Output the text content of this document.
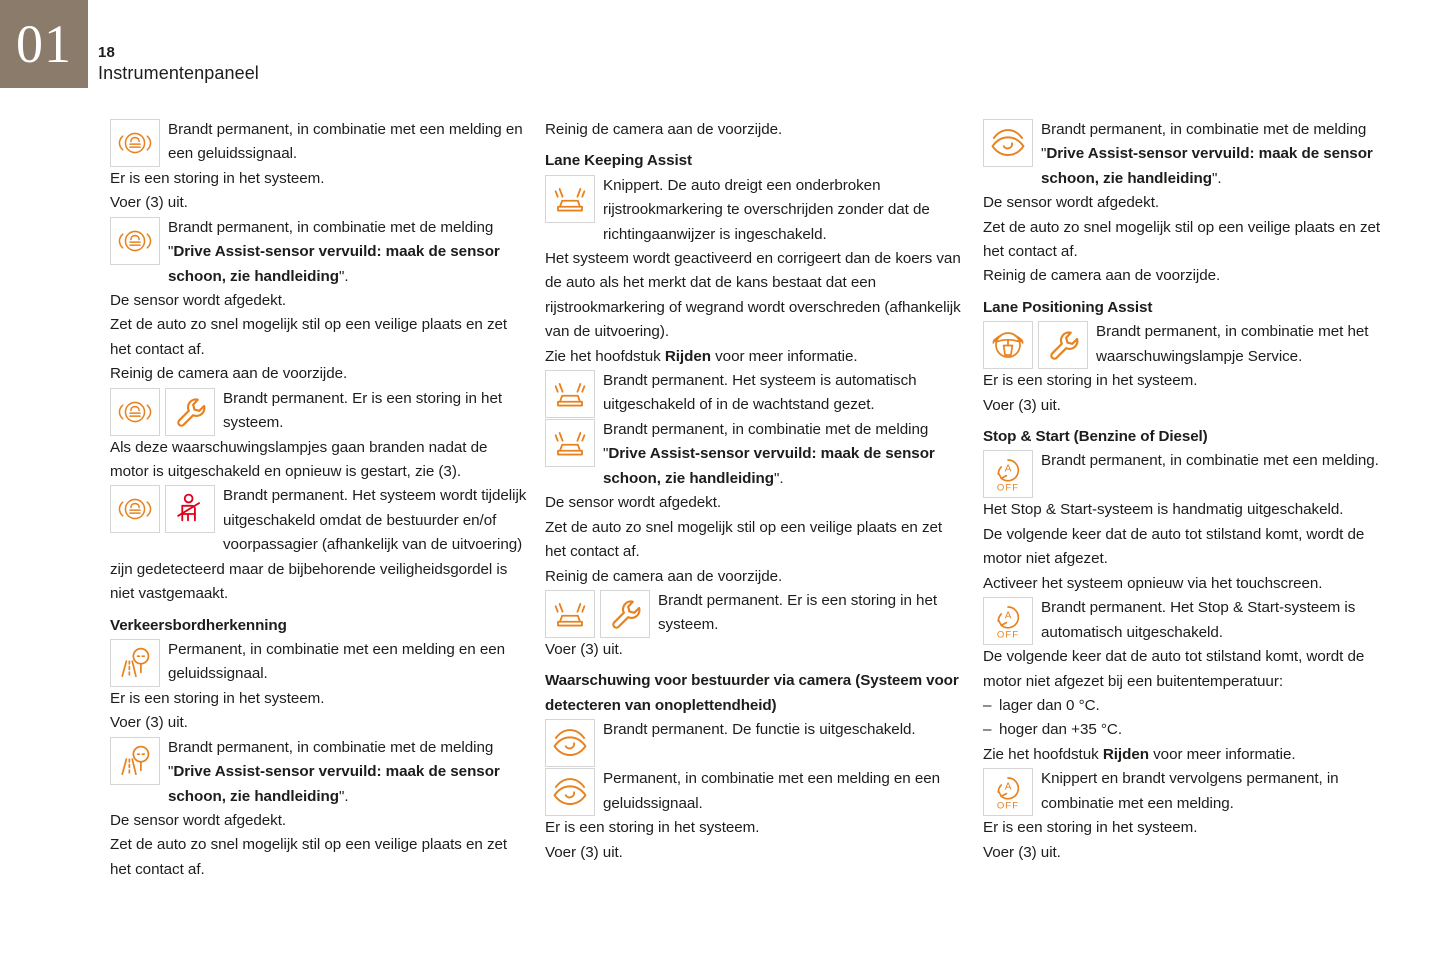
01	18
Instrumentenpaneel
Brandt permanent, in combinatie met een melding en een geluidssignaal.

Er is een storing in het systeem.

Voer (3) uit.

Brandt permanent, in combinatie met de melding "Drive Assist-sensor vervuild: maak de sensor schoon, zie handleiding".

De sensor wordt afgedekt.

Zet de auto zo snel mogelijk stil op een veilige plaats en zet het contact af.

Reinig de camera aan de voorzijde.

Brandt permanent. Er is een storing in het systeem.

Als deze waarschuwingslampjes gaan branden nadat de motor is uitgeschakeld en opnieuw is gestart, zie (3).

Brandt permanent. Het systeem wordt tijdelijk uitgeschakeld omdat de bestuurder en/of voorpassagier (afhankelijk van de uitvoering) zijn gedetecteerd maar de bijbehorende veiligheidsgordel is niet vastgemaakt.
Verkeersbordherkenning
Permanent, in combinatie met een melding en een geluidssignaal.

Er is een storing in het systeem.

Voer (3) uit.

Brandt permanent, in combinatie met de melding "Drive Assist-sensor vervuild: maak de sensor schoon, zie handleiding".

De sensor wordt afgedekt.

Zet de auto zo snel mogelijk stil op een veilige plaats en zet het contact af.

Reinig de camera aan de voorzijde.

Lane Keeping Assist
Knippert. De auto dreigt een onderbroken rijstrookmarkering te overschrijden zonder dat de richtingaanwijzer is ingeschakeld.

Het systeem wordt geactiveerd en corrigeert dan de koers van de auto als het merkt dat de kans bestaat dat een rijstrookmarkering of wegrand wordt overschreden (afhankelijk van de uitvoering).

Zie het hoofdstuk Rijden voor meer informatie.

Brandt permanent. Het systeem is automatisch uitgeschakeld of in de wachtstand gezet.
Brandt permanent, in combinatie met de melding "Drive Assist-sensor vervuild: maak de sensor schoon, zie handleiding".

De sensor wordt afgedekt.

Zet de auto zo snel mogelijk stil op een veilige plaats en zet het contact af.

Reinig de camera aan de voorzijde.

Brandt permanent. Er is een storing in het systeem.

Voer (3) uit.

Waarschuwing voor bestuurder via camera (Systeem voor detecteren van onoplettendheid)
Brandt permanent. De functie is uitgeschakeld.
Permanent, in combinatie met een melding en een geluidssignaal.

Er is een storing in het systeem.

Voer (3) uit.

Brandt permanent, in combinatie met de melding "Drive Assist-sensor vervuild: maak de sensor schoon, zie handleiding".

De sensor wordt afgedekt.

Zet de auto zo snel mogelijk stil op een veilige plaats en zet het contact af.

Reinig de camera aan de voorzijde.

Lane Positioning Assist
Brandt permanent, in combinatie met het waarschuwingslampje Service.

Er is een storing in het systeem.

Voer (3) uit.

Stop & Start (Benzine of Diesel)
Brandt permanent, in combinatie met een melding.

Het Stop & Start-systeem is handmatig uitgeschakeld.

De volgende keer dat de auto tot stilstand komt, wordt de motor niet afgezet.

Activeer het systeem opnieuw via het touchscreen.

Brandt permanent. Het Stop & Start-systeem is automatisch uitgeschakeld.

De volgende keer dat de auto tot stilstand komt, wordt de motor niet afgezet bij een buitentemperatuur:

– lager dan 0 °C.

– hoger dan +35 °C.

Zie het hoofdstuk Rijden voor meer informatie.

Knippert en brandt vervolgens permanent, in combinatie met een melding.

Er is een storing in het systeem.

Voer (3) uit.
